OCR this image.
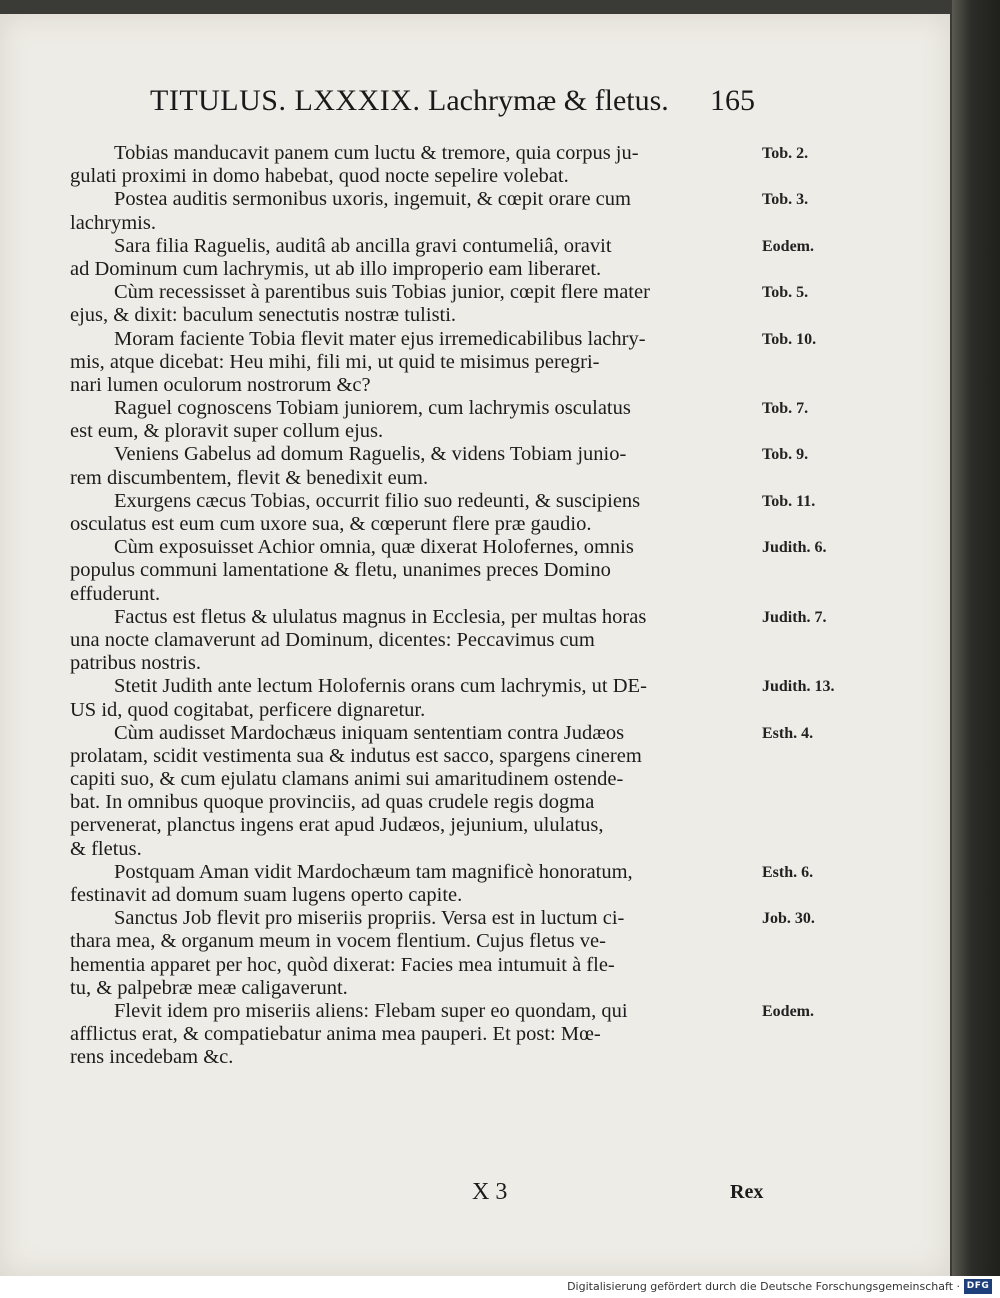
TITULUS. LXXXIX. Lachrymæ & fletus. 165
Tobias manducavit panem cum luctu & tremore, quia corpus ju-	Tob. 2.
gulati proximi in domo habebat, quod nocte sepelire volebat.
Postea auditis sermonibus uxoris, ingemuit, & cœpit orare cum	Tob. 3.
lachrymis.
Sara filia Raguelis, auditâ ab ancilla gravi contumeliâ, oravit	Eodem.
ad Dominum cum lachrymis, ut ab illo improperio eam liberaret.
Cùm recessisset à parentibus suis Tobias junior, cœpit flere mater	Tob. 5.
ejus, & dixit: baculum senectutis nostræ tulisti.
Moram faciente Tobia flevit mater ejus irremedicabilibus lachry-	Tob. 10.
mis, atque dicebat: Heu mihi, fili mi, ut quid te misimus peregri-
nari lumen oculorum nostrorum &c?
Raguel cognoscens Tobiam juniorem, cum lachrymis osculatus	Tob. 7.
est eum, & ploravit super collum ejus.
Veniens Gabelus ad domum Raguelis, & videns Tobiam junio-	Tob. 9.
rem discumbentem, flevit & benedixit eum.
Exurgens cæcus Tobias, occurrit filio suo redeunti, & suscipiens	Tob. 11.
osculatus est eum cum uxore sua, & cœperunt flere præ gaudio.
Cùm exposuisset Achior omnia, quæ dixerat Holofernes, omnis	Judith. 6.
populus communi lamentatione & fletu, unanimes preces Domino
effuderunt.
Factus est fletus & ululatus magnus in Ecclesia, per multas horas	Judith. 7.
una nocte clamaverunt ad Dominum, dicentes: Peccavimus cum
patribus nostris.
Stetit Judith ante lectum Holofernis orans cum lachrymis, ut DE-	Judith. 13.
US id, quod cogitabat, perficere dignaretur.
Cùm audisset Mardochæus iniquam sententiam contra Judæos	Esth. 4.
prolatam, scidit vestimenta sua & indutus est sacco, spargens cinerem
capiti suo, & cum ejulatu clamans animi sui amaritudinem ostende-
bat. In omnibus quoque provinciis, ad quas crudele regis dogma
pervenerat, planctus ingens erat apud Judæos, jejunium, ululatus,
& fletus.
Postquam Aman vidit Mardochæum tam magnificè honoratum,	Esth. 6.
festinavit ad domum suam lugens operto capite.
Sanctus Job flevit pro miseriis propriis. Versa est in luctum ci-	Job. 30.
thara mea, & organum meum in vocem flentium. Cujus fletus ve-
hementia apparet per hoc, quòd dixerat: Facies mea intumuit à fle-
tu, & palpebræ meæ caligaverunt.
Flevit idem pro miseriis aliens: Flebam super eo quondam, qui	Eodem.
afflictus erat, & compatiebatur anima mea pauperi. Et post: Mœ-
rens incedebam &c.
X 3	Rex
Digitalisierung gefördert durch die Deutsche Forschungsgemeinschaft · DFG
